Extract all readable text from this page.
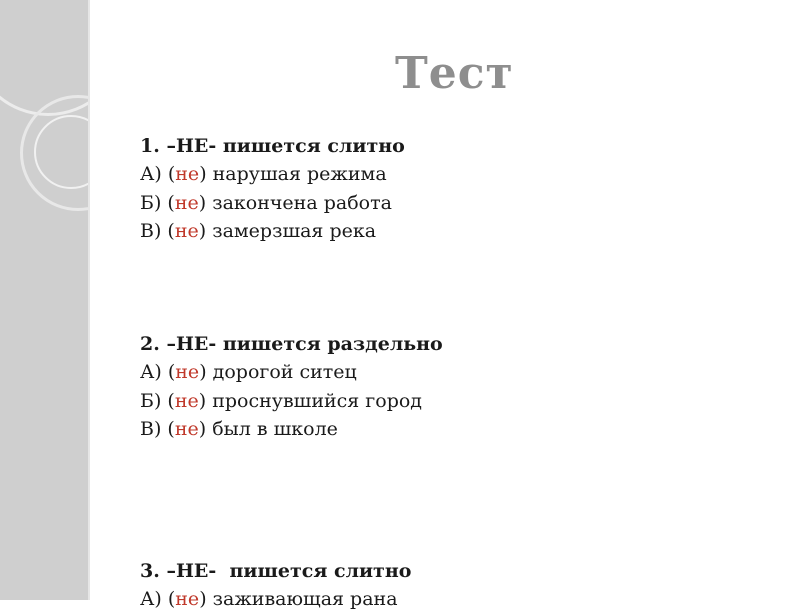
Тест
1. –НЕ- пишется слитно
А) (не) нарушая режима
Б) (не) закончена работа
В) (не) замерзшая река
2. –НЕ- пишется раздельно
А) (не) дорогой ситец
Б) (не) проснувшийся город
В) (не) был в школе
3. –НЕ-  пишется слитно
А) (не) заживающая рана
